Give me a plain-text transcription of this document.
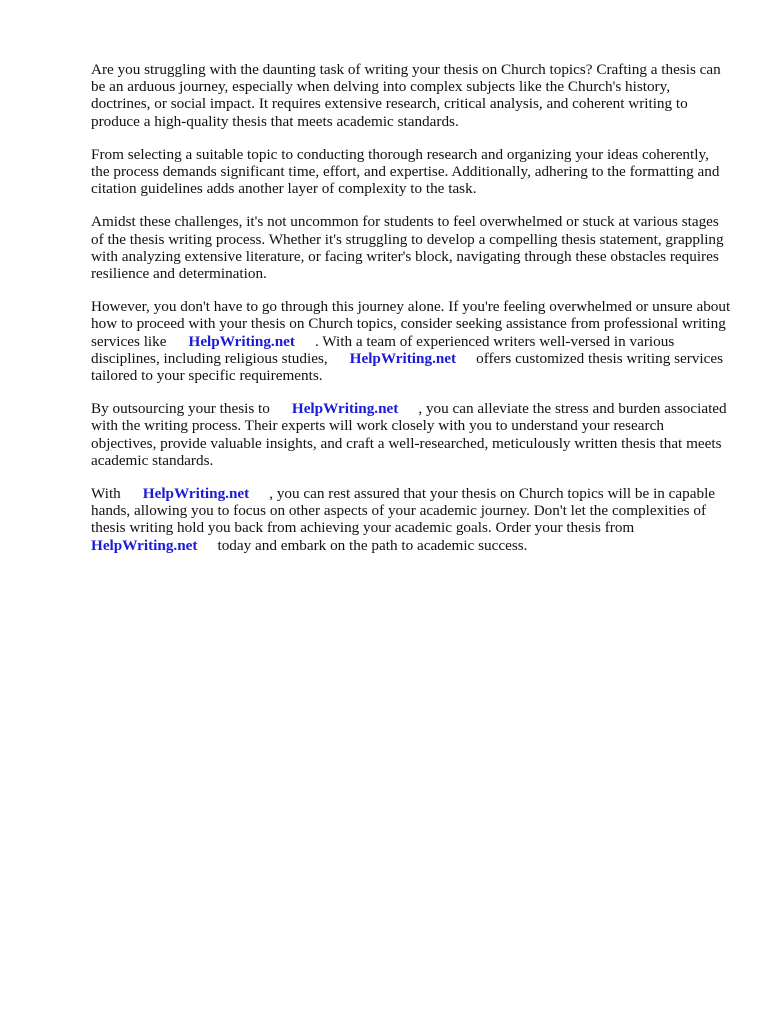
Are you struggling with the daunting task of writing your thesis on Church topics? Crafting a thesis can be an arduous journey, especially when delving into complex subjects like the Church's history, doctrines, or social impact. It requires extensive research, critical analysis, and coherent writing to produce a high-quality thesis that meets academic standards.

From selecting a suitable topic to conducting thorough research and organizing your ideas coherently, the process demands significant time, effort, and expertise. Additionally, adhering to the formatting and citation guidelines adds another layer of complexity to the task.

Amidst these challenges, it's not uncommon for students to feel overwhelmed or stuck at various stages of the thesis writing process. Whether it's struggling to develop a compelling thesis statement, grappling with analyzing extensive literature, or facing writer's block, navigating through these obstacles requires resilience and determination.

However, you don't have to go through this journey alone. If you're feeling overwhelmed or unsure about how to proceed with your thesis on Church topics, consider seeking assistance from professional writing services like HelpWriting.net . With a team of experienced writers well-versed in various disciplines, including religious studies, HelpWriting.net offers customized thesis writing services tailored to your specific requirements.

By outsourcing your thesis to HelpWriting.net , you can alleviate the stress and burden associated with the writing process. Their experts will work closely with you to understand your research objectives, provide valuable insights, and craft a well-researched, meticulously written thesis that meets academic standards.

With HelpWriting.net , you can rest assured that your thesis on Church topics will be in capable hands, allowing you to focus on other aspects of your academic journey. Don't let the complexities of thesis writing hold you back from achieving your academic goals. Order your thesis fromHelpWriting.net today and embark on the path to academic success.
